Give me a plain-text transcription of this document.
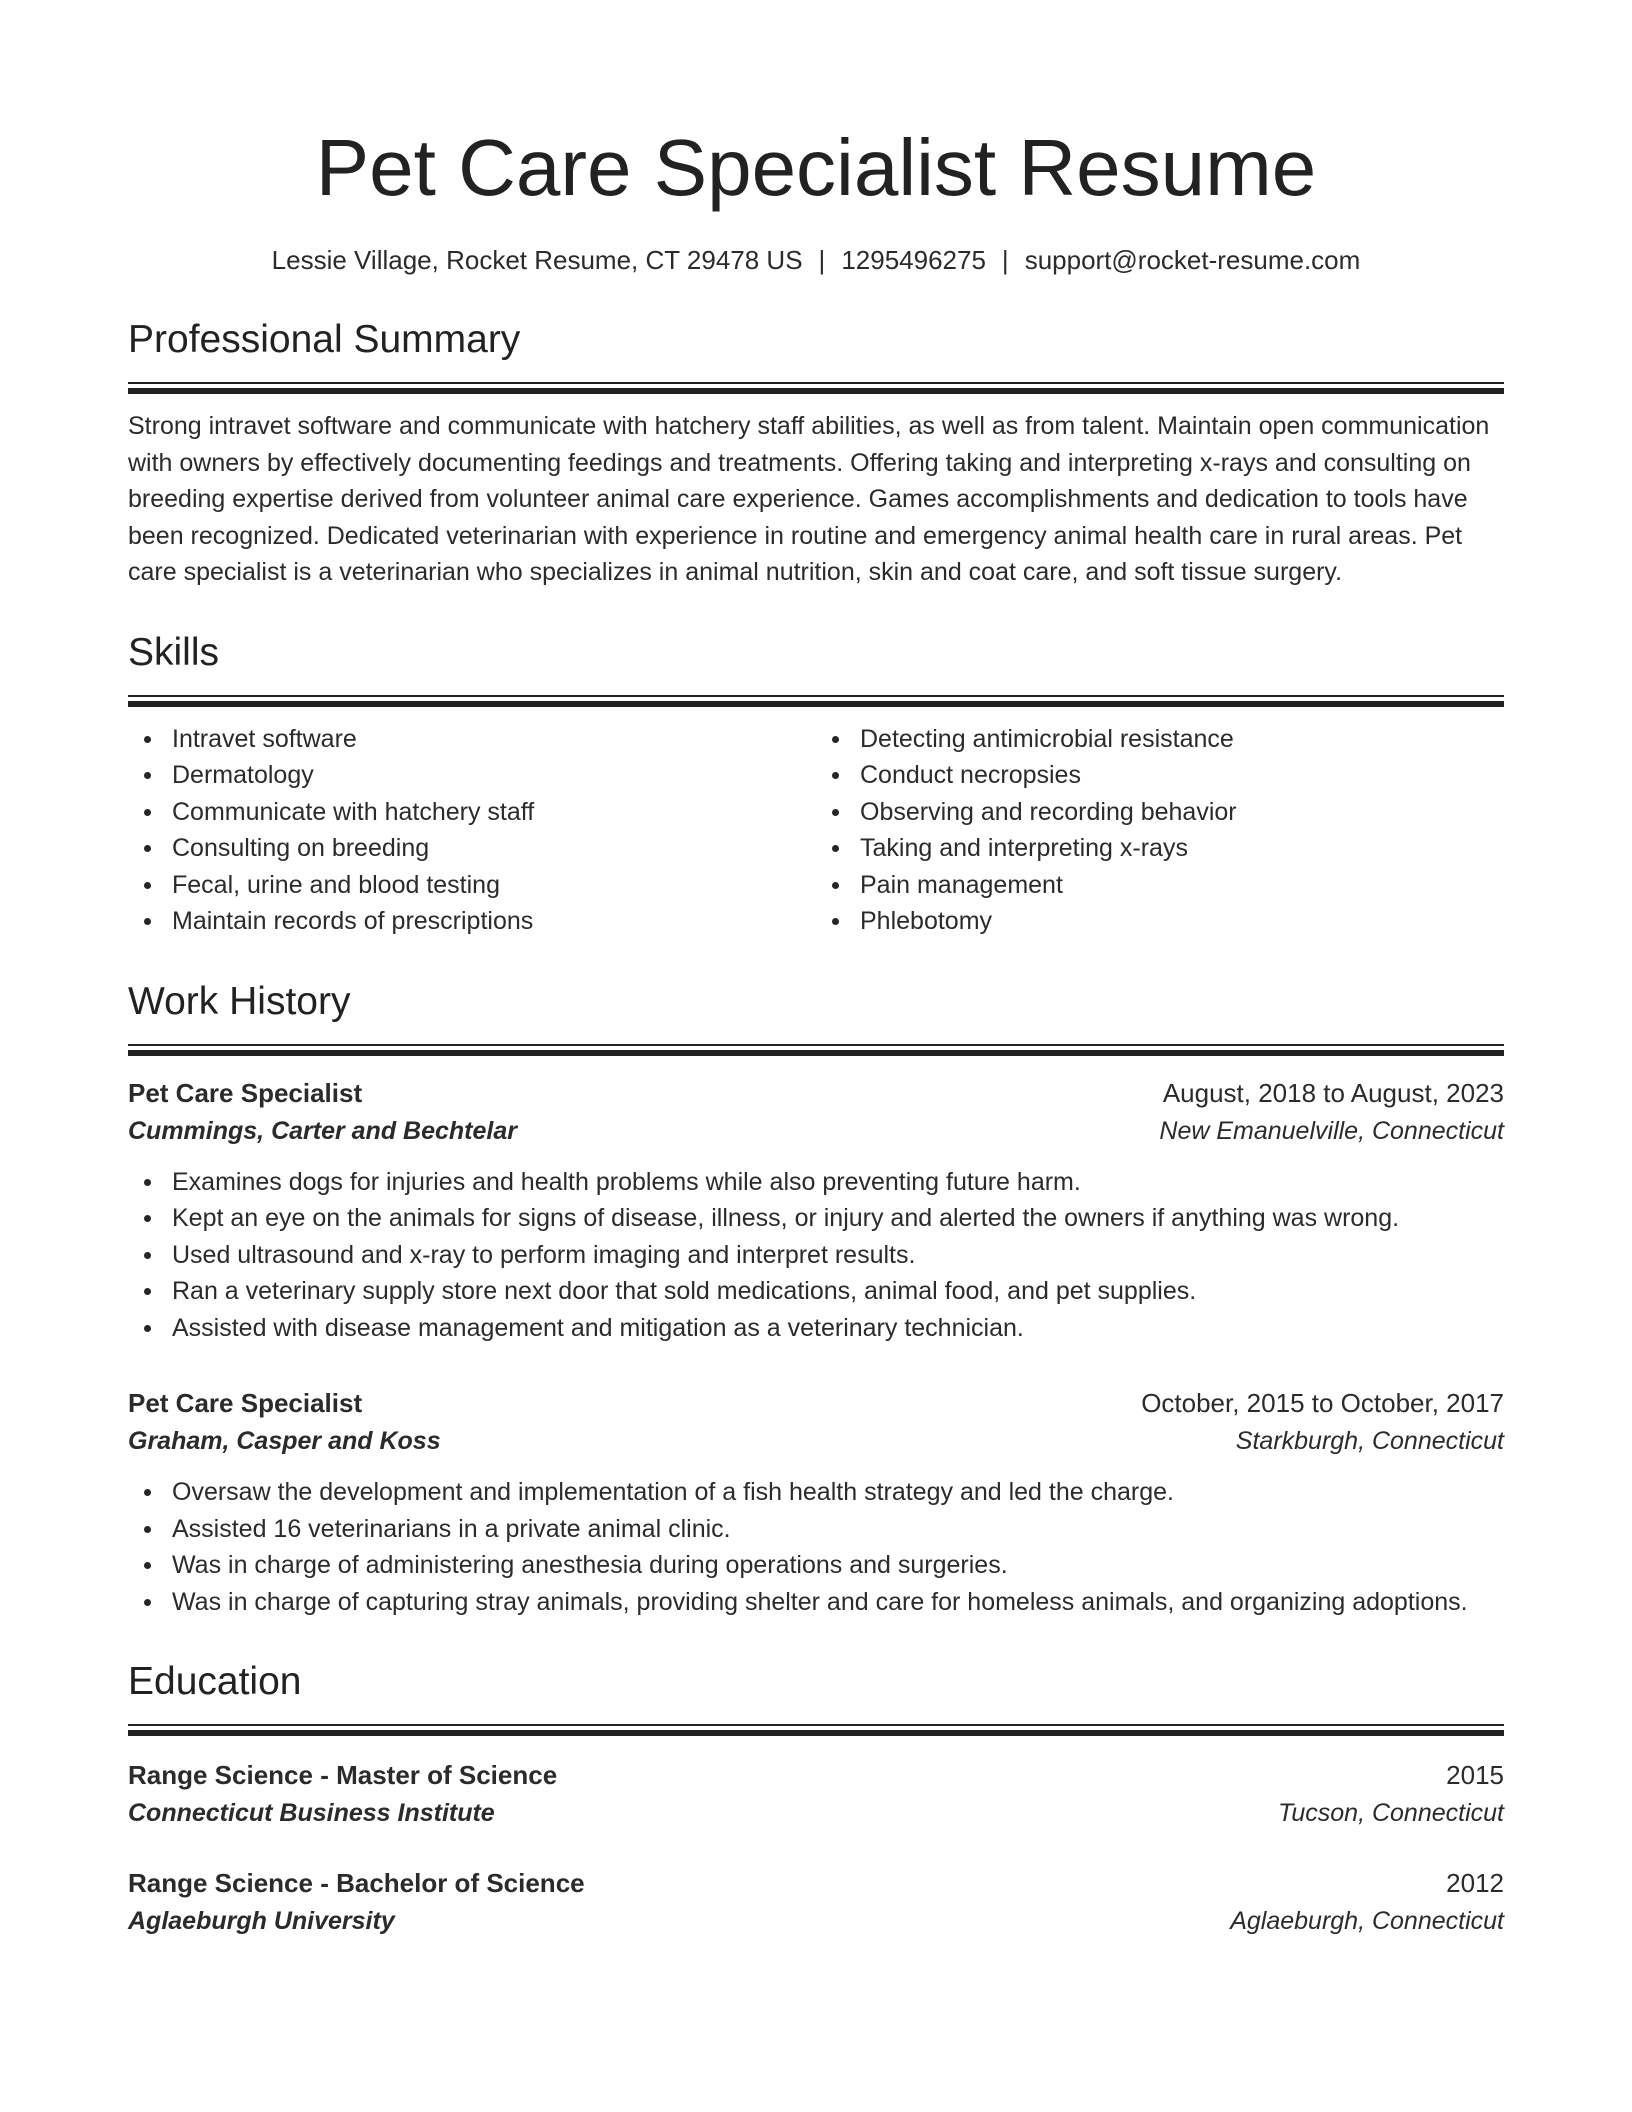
Pet Care Specialist Resume
Lessie Village, Rocket Resume, CT 29478 US | 1295496275 | support@rocket-resume.com
Professional Summary
Strong intravet software and communicate with hatchery staff abilities, as well as from talent. Maintain open communication with owners by effectively documenting feedings and treatments. Offering taking and interpreting x-rays and consulting on breeding expertise derived from volunteer animal care experience. Games accomplishments and dedication to tools have been recognized. Dedicated veterinarian with experience in routine and emergency animal health care in rural areas. Pet care specialist is a veterinarian who specializes in animal nutrition, skin and coat care, and soft tissue surgery.
Skills
Intravet software
Dermatology
Communicate with hatchery staff
Consulting on breeding
Fecal, urine and blood testing
Maintain records of prescriptions
Detecting antimicrobial resistance
Conduct necropsies
Observing and recording behavior
Taking and interpreting x-rays
Pain management
Phlebotomy
Work History
Pet Care Specialist	August, 2018 to August, 2023
Cummings, Carter and Bechtelar	New Emanuelville, Connecticut
Examines dogs for injuries and health problems while also preventing future harm.
Kept an eye on the animals for signs of disease, illness, or injury and alerted the owners if anything was wrong.
Used ultrasound and x-ray to perform imaging and interpret results.
Ran a veterinary supply store next door that sold medications, animal food, and pet supplies.
Assisted with disease management and mitigation as a veterinary technician.
Pet Care Specialist	October, 2015 to October, 2017
Graham, Casper and Koss	Starkburgh, Connecticut
Oversaw the development and implementation of a fish health strategy and led the charge.
Assisted 16 veterinarians in a private animal clinic.
Was in charge of administering anesthesia during operations and surgeries.
Was in charge of capturing stray animals, providing shelter and care for homeless animals, and organizing adoptions.
Education
Range Science - Master of Science	2015
Connecticut Business Institute	Tucson, Connecticut
Range Science - Bachelor of Science	2012
Aglaeburgh University	Aglaeburgh, Connecticut
